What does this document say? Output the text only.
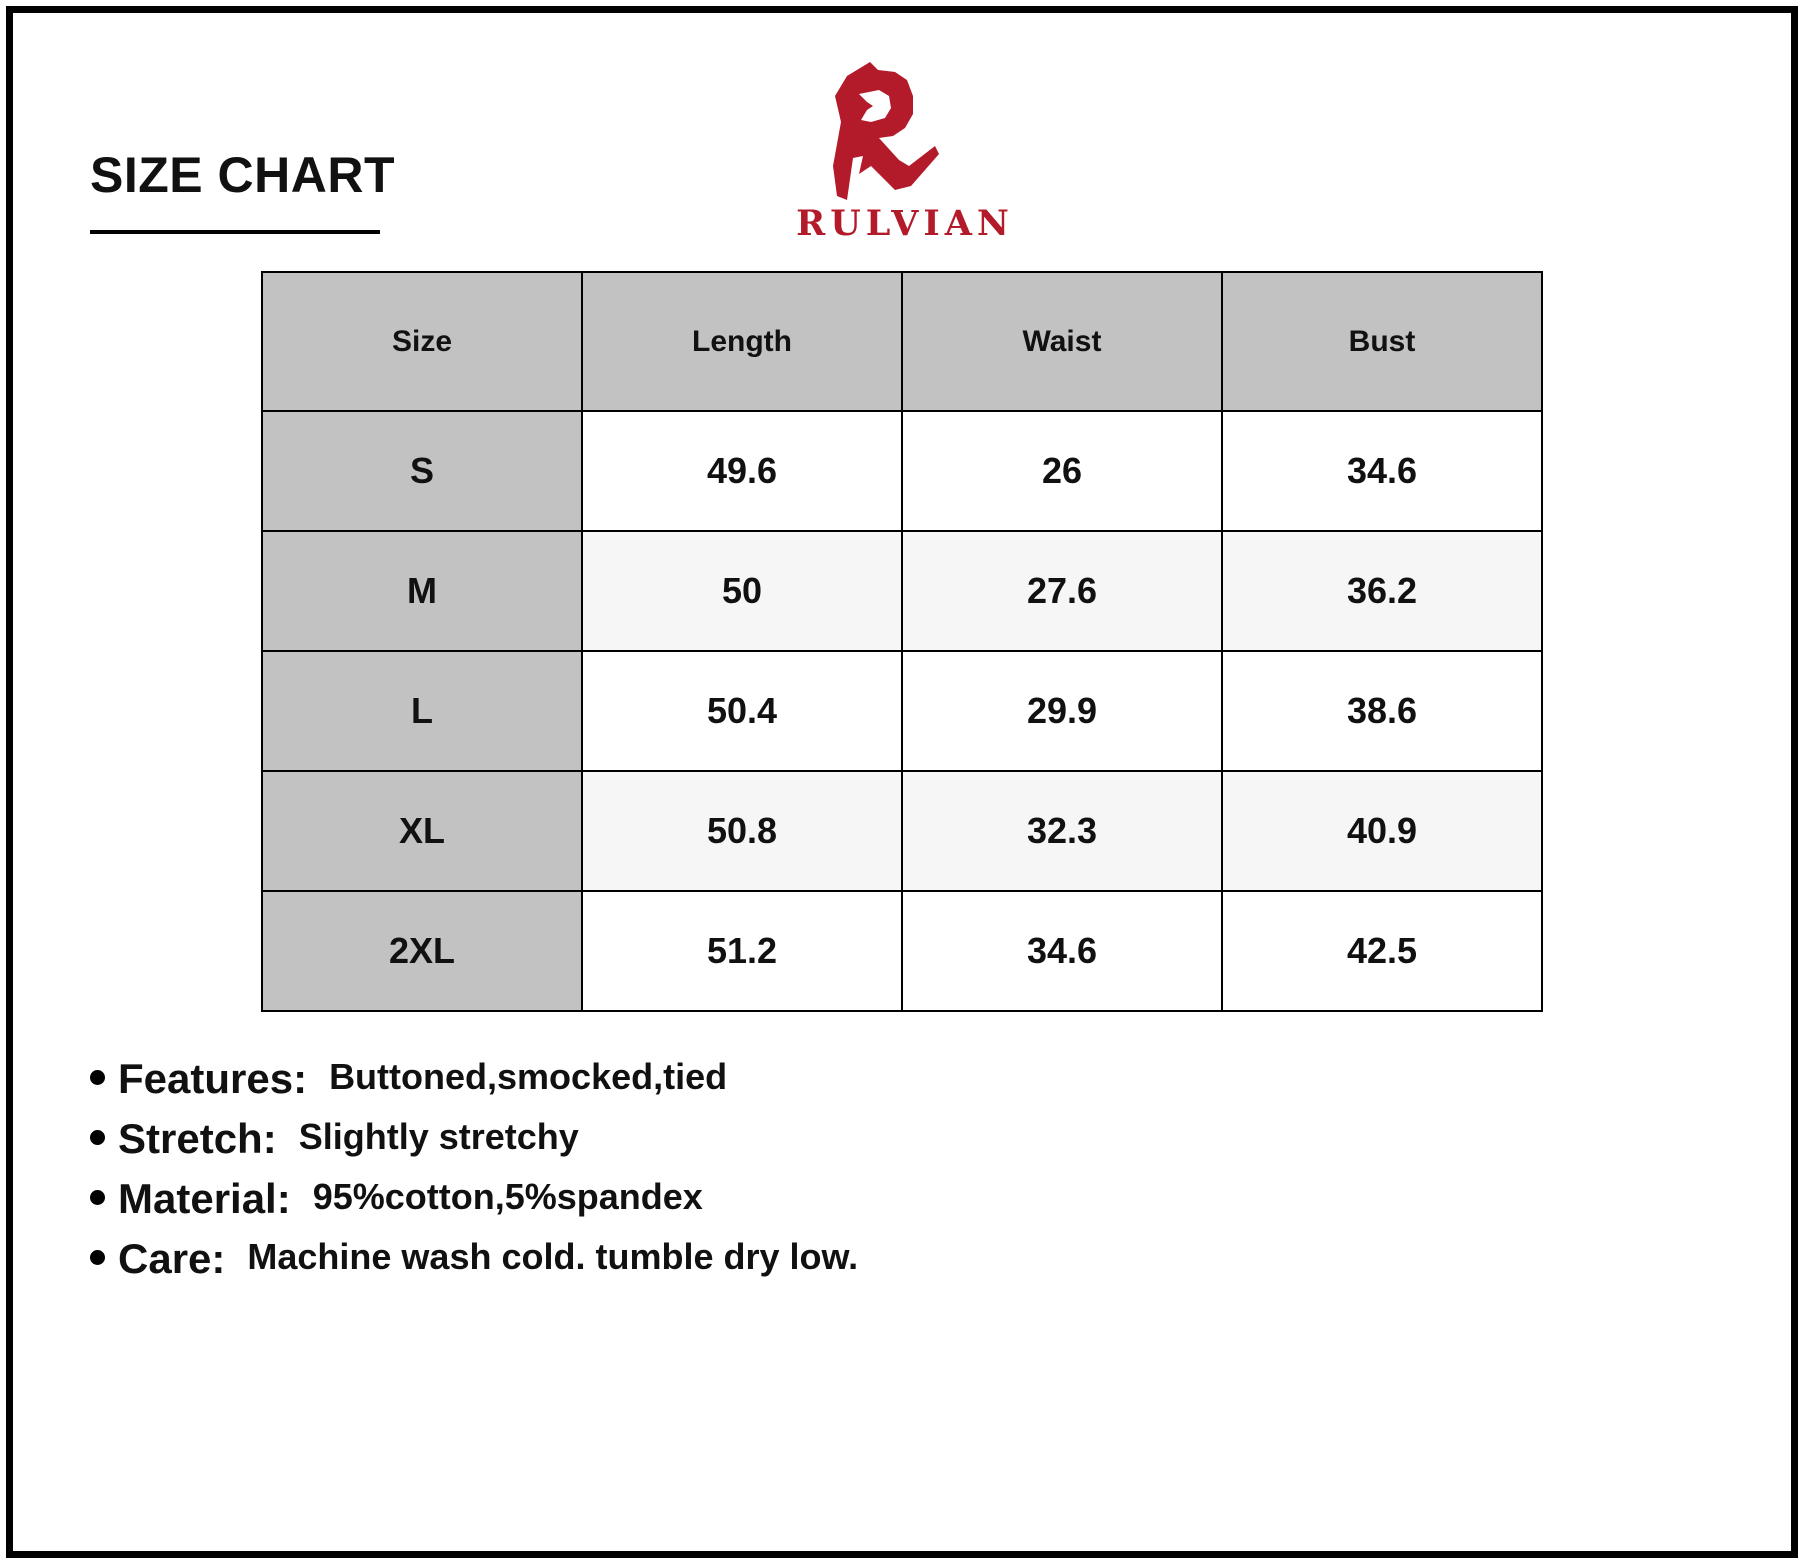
SIZE CHART
RULVIAN
Size	Length	Waist	Bust
S	49.6	26	34.6
M	50	27.6	36.2
L	50.4	29.9	38.6
XL	50.8	32.3	40.9
2XL	51.2	34.6	42.5
Features: Buttoned,smocked,tied
Stretch: Slightly stretchy
Material: 95%cotton,5%spandex
Care: Machine wash cold. tumble dry low.
